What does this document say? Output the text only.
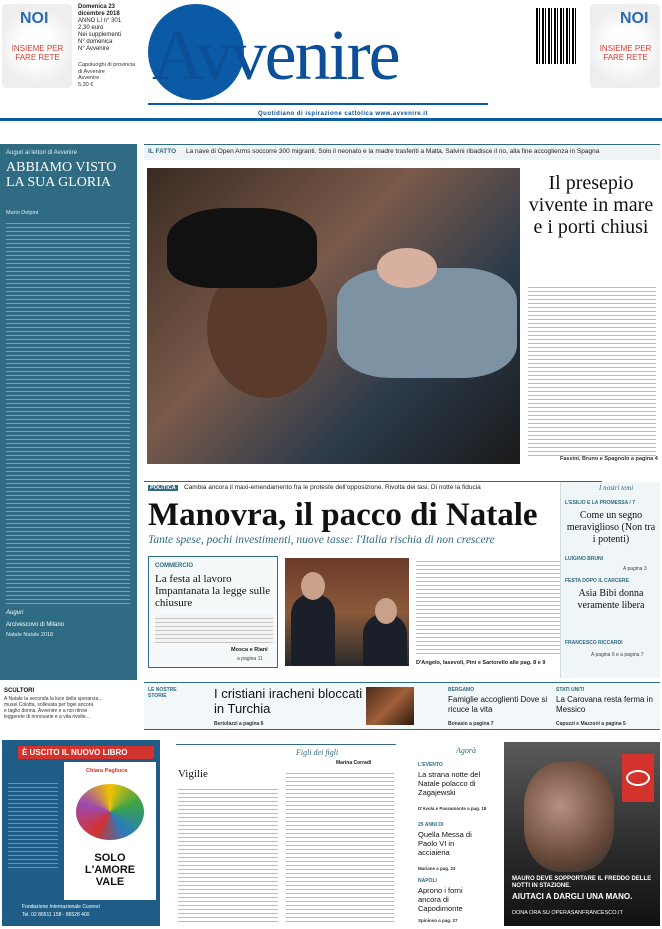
NOI
INSIEME PER FARE RETE
Domenica 23 dicembre 2018
ANNO LI n° 301
2,30 euro
Nei supplementi
N° domenica
N° Avvenire
Capoluoghi di provincia
di Avvenire
Avvenire
5,30 € Avvenire
Quotidiano di ispirazione cattolica www.avvenire.it
NOI
INSIEME PER FARE RETE
Auguri ai lettori di Avvenire
ABBIAMO VISTO LA SUA GLORIA
Mario Delpini
Auguri
Arcivescovo di Milano
Natale Natale 2018
IL FATTO La nave di Open Arms soccorre 300 migranti. Solo il neonato e la madre trasferiti a Malta. Salvini ribadisce il no, alla fine accoglienza in Spagna
Il presepio vivente in mare e i porti chiusi
Fassini, Bruno e Spagnolo a pagina 4
POLITICA	Cambia ancora il maxi-emendamento fra le proteste dell'opposizione. Rivolta dei tasi. Di notte la fiducia
Manovra, il pacco di Natale
Tante spese, pochi investimenti, nuove tasse: l'Italia rischia di non crescere
COMMERCIO
La festa al lavoro Impantanata la legge sulle chiusure
Mosca e Riani
a pagina 11
D'Angelo, Iasevoli, Pini e Sartorello alle pag. 8 e 9
I nostri temi
L'ESILIO E LA PROMESSA / 7
Come un segno meraviglioso (Non tra i potenti)
LUIGINO BRUNI
A pagina 3
FESTA DOPO IL CARCERE
Asia Bibi donna veramente libera
FRANCESCO RICCARDI
A pagina 6 e a pagina 7
LE NOSTRE STORIE	I cristiani iracheni bloccati in Turchia
Bertolazzi a pagina 6
BERGAMO
Famiglie accoglienti Dove si ricuce la vita
Bonasio a pagina 7
STATI UNITI
La Carovana resta ferma in Messico
Capuzzi e Mazzoni a pagina 5
SCULTORI
A Natale la seconda la luce della speranza...
musei Colotta, sollevata per bgei ancora
e taglio donna. Avvenire e a noi ritrovi
leggerete di rinnovarie e a vita rivolte...
È USCITO IL NUOVO LIBRO
Chiara Pagliuca
SOLO L'AMORE VALE
Fondazione Internazionale Cuoresì
Tel. 02 86511 158 - 86528 400
Figli dei figli
Marina Corradi
Vigilie
Agorà
L'EVENTO
La strana notte del Natale polacco di Zagajewski
D'Avola e Passamonte a pag. 18
25 ANNI DI
Quella Messa di Paolo VI in acciaieria
Mariane a pag. 23
NAPOLI
Aprono i forni ancora di Capodimonte
Spinioso a pag. 27
MAURO DEVE SOPPORTARE IL FREDDO DELLE NOTTI IN STAZIONE.
AIUTACI A DARGLI UNA MANO.
DONA ORA SU OPERASANFRANCESCO.IT
